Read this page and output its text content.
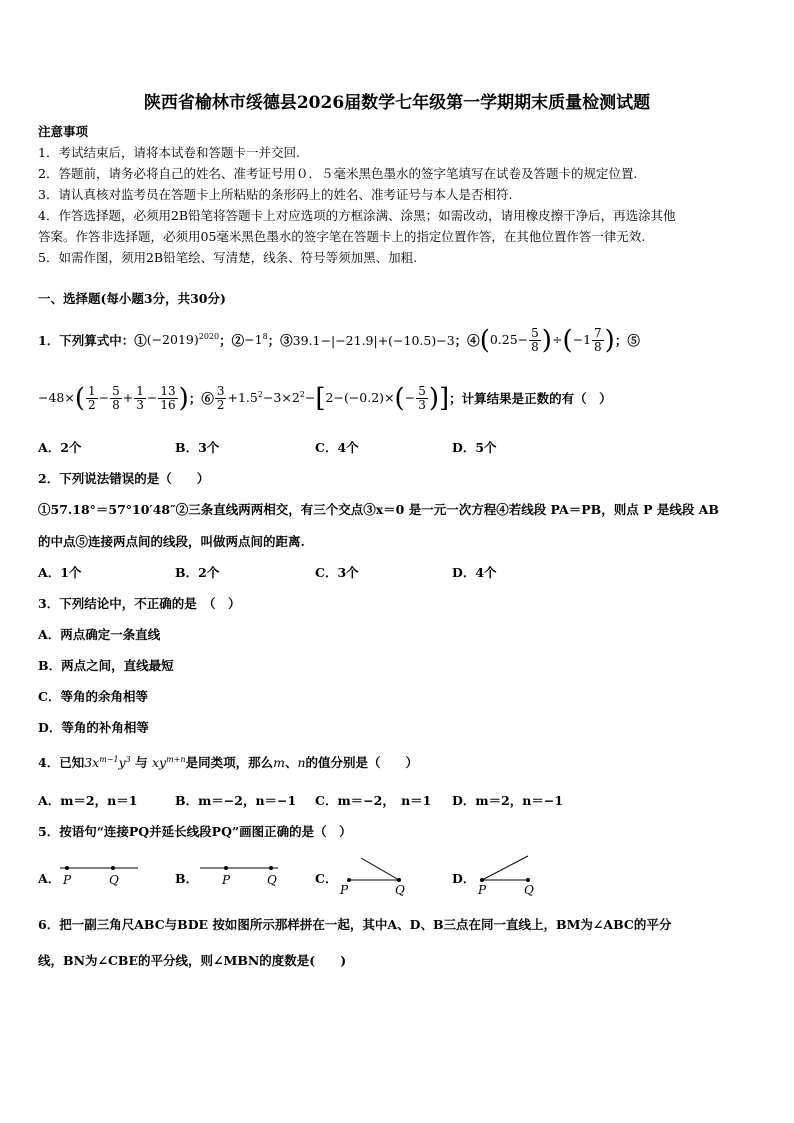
陕西省榆林市绥德县2026届数学七年级第一学期期末质量检测试题
注意事项
1．考试结束后，请将本试卷和答题卡一并交回.
2．答题前，请务必将自己的姓名、准考证号用０．５毫米黑色墨水的签字笔填写在试卷及答题卡的规定位置.
3．请认真核对监考员在答题卡上所粘贴的条形码上的姓名、准考证号与本人是否相符.
4．作答选择题，必须用2B铅笔将答题卡上对应选项的方框涂满、涂黑；如需改动，请用橡皮擦干净后，再选涂其他
答案。作答非选择题，必须用05毫米黑色墨水的签字笔在答题卡上的指定位置作答，在其他位置作答一律无效.
5．如需作图，须用2B铅笔绘、写清楚，线条、符号等须加黑、加粗.
一、选择题(每小题3分，共30分)
1．下列算式中：① $(-2019)^{2020}$ ；② $-1^8$ ；③ 39.1−|−21.9|+(−10.5)−3 ；④ $(0.25- \frac{5}{8} )\div(-1 \frac{7}{8}$ ) ；⑤
$-48\times( \frac{1}{2} - \frac{5}{8} + \frac{1}{3} - \frac{13}{16}$ ) ；⑥ $\frac{3}{2} +1.5^2-3\times 2^2-[2-(-0.2)\times(- \frac{5}{3}$ )] ；计算结果是正数的有（　）
A．2个	B．3个	C．4个	D．5个
2．下列说法错误的是（　　）
①57.18°＝57°10′48″②三条直线两两相交，有三个交点③x＝0 是一元一次方程④若线段 PA＝PB，则点 P 是线段 AB
的中点⑤连接两点间的线段，叫做两点间的距离.
A．1个	B．2个	C．3个	D．4个
3．下列结论中，不正确的是　（　）
A．两点确定一条直线
B．两点之间，直线最短
C．等角的余角相等
D．等角的补角相等
4．已知$3x^{m-1}y^3$ 与 $xy^{m+n}$是同类项，那么m、n的值分别是（　　）
A．m＝2，n＝1	B．m＝−2，n＝−1 C．m＝−2，　n＝1 D．m＝2，n＝−1
5．按语句“连接PQ并延长线段PQ”画图正确的是（　）
A． P	Q	B． P	Q	C．
P	Q
D．
P	Q
6．把一副三角尺ABC与BDE 按如图所示那样拼在一起，其中A、D、B三点在同一直线上，BM为∠ABC的平分
线，BN为∠CBE的平分线，则∠MBN的度数是(　　)
